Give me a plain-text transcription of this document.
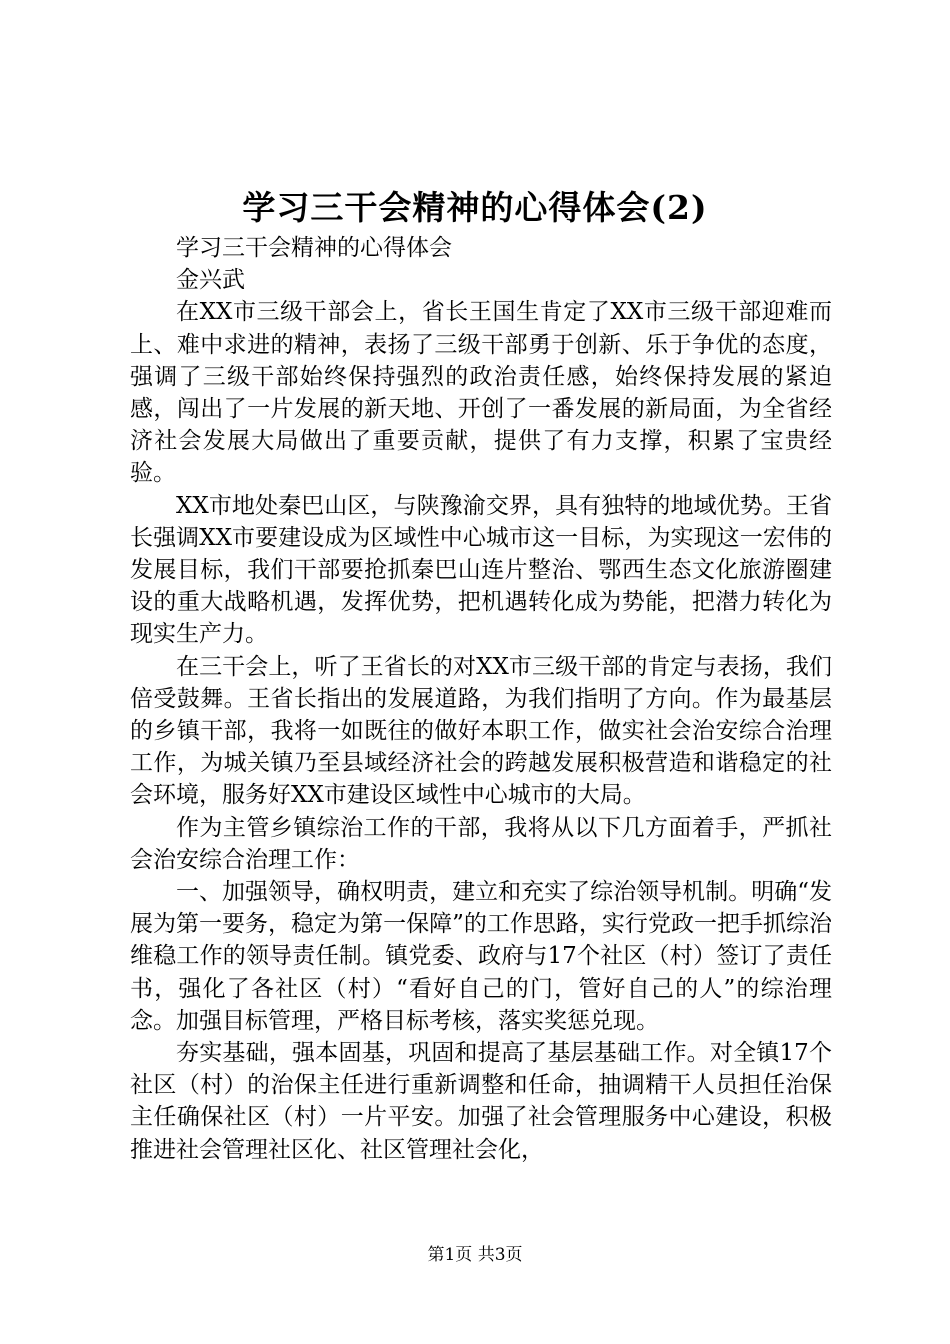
学习三干会精神的心得体会(2)

学习三干会精神的心得体会

金兴武

在XX市三级干部会上，省长王国生肯定了XX市三级干部迎难而上、难中求进的精神，表扬了三级干部勇于创新、乐于争优的态度，强调了三级干部始终保持强烈的政治责任感，始终保持发展的紧迫感，闯出了一片发展的新天地、开创了一番发展的新局面，为全省经济社会发展大局做出了重要贡献，提供了有力支撑，积累了宝贵经验。

XX市地处秦巴山区，与陕豫渝交界，具有独特的地域优势。王省长强调XX市要建设成为区域性中心城市这一目标，为实现这一宏伟的发展目标，我们干部要抢抓秦巴山连片整治、鄂西生态文化旅游圈建设的重大战略机遇，发挥优势，把机遇转化成为势能，把潜力转化为现实生产力。

在三干会上，听了王省长的对XX市三级干部的肯定与表扬，我们倍受鼓舞。王省长指出的发展道路，为我们指明了方向。作为最基层的乡镇干部，我将一如既往的做好本职工作，做实社会治安综合治理工作，为城关镇乃至县域经济社会的跨越发展积极营造和谐稳定的社会环境，服务好XX市建设区域性中心城市的大局。

作为主管乡镇综治工作的干部，我将从以下几方面着手，严抓社会治安综合治理工作：

一、加强领导，确权明责，建立和充实了综治领导机制。明确“发展为第一要务，稳定为第一保障”的工作思路，实行党政一把手抓综治维稳工作的领导责任制。镇党委、政府与17个社区（村）签订了责任书，强化了各社区（村）“看好自己的门，管好自己的人”的综治理念。加强目标管理，严格目标考核，落实奖惩兑现。

夯实基础，强本固基，巩固和提高了基层基础工作。对全镇17个社区（村）的治保主任进行重新调整和任命，抽调精干人员担任治保主任确保社区（村）一片平安。加强了社会管理服务中心建设，积极推进社会管理社区化、社区管理社会化，

第1页 共3页
